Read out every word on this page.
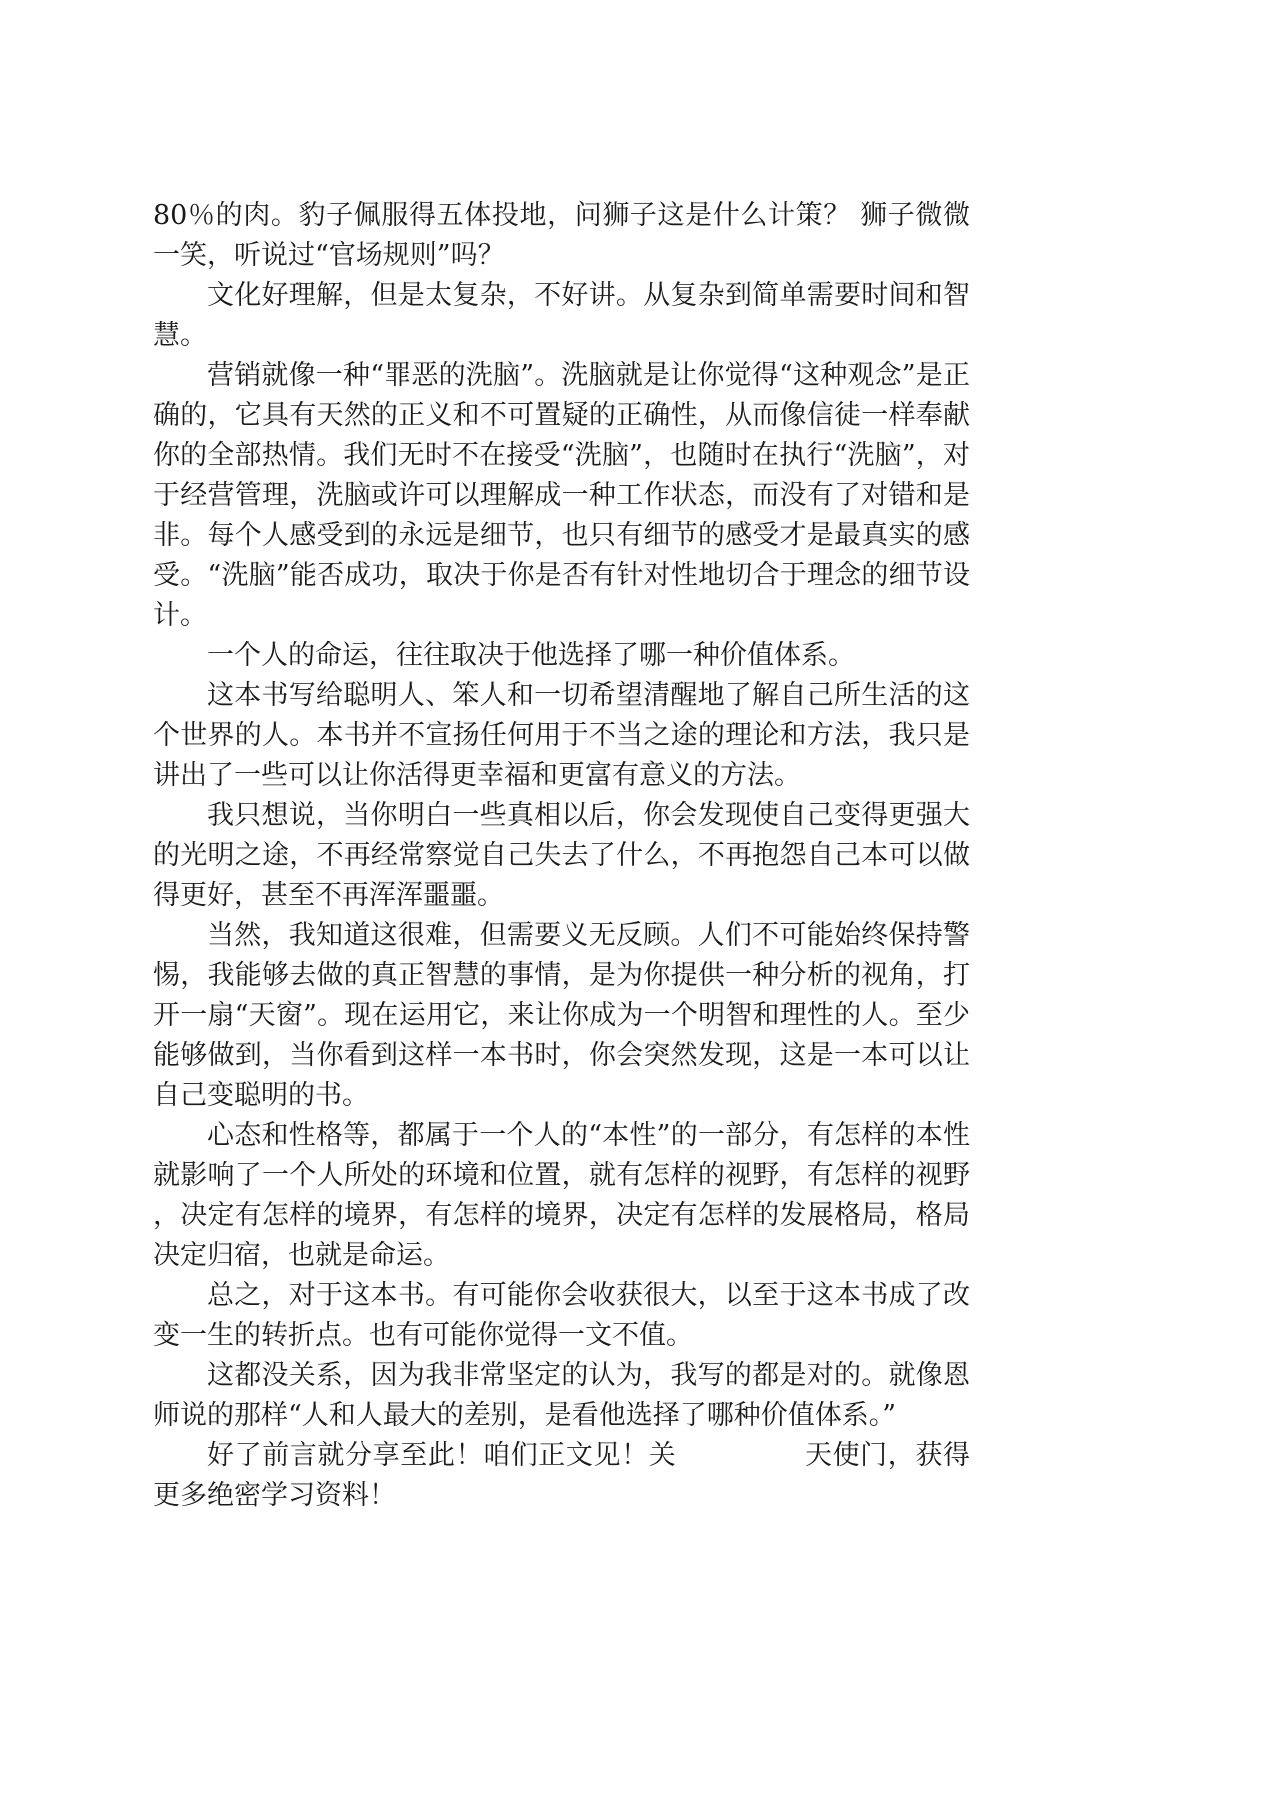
80％的肉。豹子佩服得五体投地，问狮子这是什么计策？ 狮子微微一笑，听说过“官场规则”吗？

文化好理解，但是太复杂，不好讲。从复杂到简单需要时间和智慧。

营销就像一种“罪恶的洗脑”。洗脑就是让你觉得“这种观念”是正确的，它具有天然的正义和不可置疑的正确性，从而像信徒一样奉献你的全部热情。我们无时不在接受“洗脑”，也随时在执行“洗脑”，对于经营管理，洗脑或许可以理解成一种工作状态，而没有了对错和是非。每个人感受到的永远是细节，也只有细节的感受才是最真实的感受。“洗脑”能否成功，取决于你是否有针对性地切合于理念的细节设计。

一个人的命运，往往取决于他选择了哪一种价值体系。

这本书写给聪明人、笨人和一切希望清醒地了解自己所生活的这个世界的人。本书并不宣扬任何用于不当之途的理论和方法，我只是讲出了一些可以让你活得更幸福和更富有意义的方法。

我只想说，当你明白一些真相以后，你会发现使自己变得更强大的光明之途，不再经常察觉自己失去了什么，不再抱怨自己本可以做得更好，甚至不再浑浑噩噩。

当然，我知道这很难，但需要义无反顾。人们不可能始终保持警惕，我能够去做的真正智慧的事情，是为你提供一种分析的视角，打开一扇“天窗”。现在运用它，来让你成为一个明智和理性的人。至少能够做到，当你看到这样一本书时，你会突然发现，这是一本可以让自己变聪明的书。

心态和性格等，都属于一个人的“本性”的一部分，有怎样的本性就影响了一个人所处的环境和位置，就有怎样的视野，有怎样的视野，决定有怎样的境界，有怎样的境界，决定有怎样的发展格局，格局决定归宿，也就是命运。

总之，对于这本书。有可能你会收获很大，以至于这本书成了改变一生的转折点。也有可能你觉得一文不值。

这都没关系，因为我非常坚定的认为，我写的都是对的。就像恩师说的那样“人和人最大的差别，是看他选择了哪种价值体系。”

好了前言就分享至此！咱们正文见！关	天使门，获得更多绝密学习资料！
